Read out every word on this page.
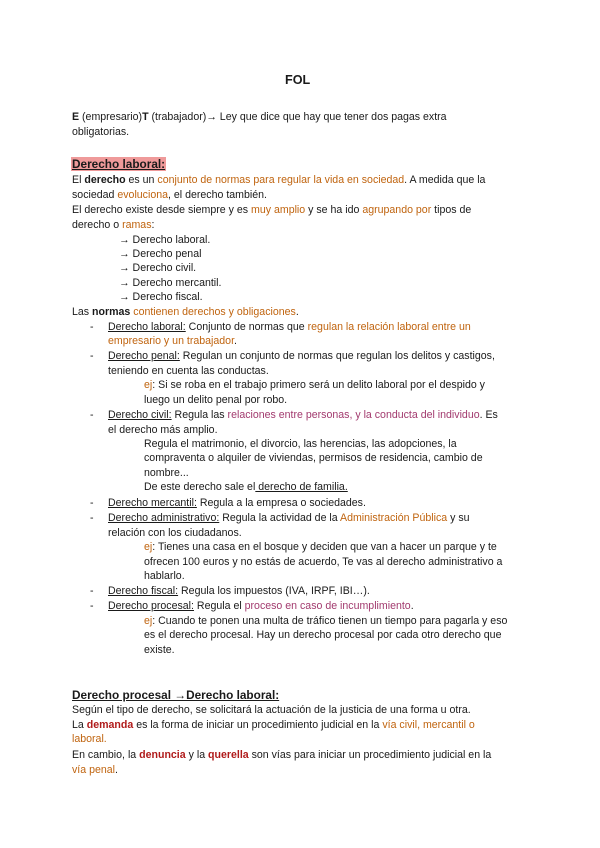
FOL
E (empresario)T (trabajador)→ Ley que dice que hay que tener dos pagas extra
obligatorias.
Derecho laboral:
El derecho es un conjunto de normas para regular la vida en sociedad. A medida que la
sociedad evoluciona, el derecho también.
El derecho existe desde siempre y es muy amplio y se ha ido agrupando por tipos de
derecho o ramas:
→ Derecho laboral.
→ Derecho penal
→ Derecho civil.
→ Derecho mercantil.
→ Derecho fiscal.
Las normas contienen derechos y obligaciones.
- Derecho laboral: Conjunto de normas que regulan la relación laboral entre un
empresario y un trabajador.
- Derecho penal: Regulan un conjunto de normas que regulan los delitos y castigos,
teniendo en cuenta las conductas.
ej: Si se roba en el trabajo primero será un delito laboral por el despido y
luego un delito penal por robo.
- Derecho civil: Regula las relaciones entre personas, y la conducta del individuo. Es
el derecho más amplio.
Regula el matrimonio, el divorcio, las herencias, las adopciones, la
compraventa o alquiler de viviendas, permisos de residencia, cambio de
nombre...
De este derecho sale el derecho de familia.
- Derecho mercantil: Regula a la empresa o sociedades.
- Derecho administrativo: Regula la actividad de la Administración Pública y su
relación con los ciudadanos.
ej: Tienes una casa en el bosque y deciden que van a hacer un parque y te
ofrecen 100 euros y no estás de acuerdo, Te vas al derecho administrativo a
hablarlo.
- Derecho fiscal: Regula los impuestos (IVA, IRPF, IBI…).
- Derecho procesal: Regula el proceso en caso de incumplimiento.
ej: Cuando te ponen una multa de tráfico tienen un tiempo para pagarla y eso
es el derecho procesal. Hay un derecho procesal por cada otro derecho que
existe.
Derecho procesal →Derecho laboral:
Según el tipo de derecho, se solicitará la actuación de la justicia de una forma u otra.
La demanda es la forma de iniciar un procedimiento judicial en la vía civil, mercantil o
laboral.
En cambio, la denuncia y la querella son vías para iniciar un procedimiento judicial en la
vía penal.
